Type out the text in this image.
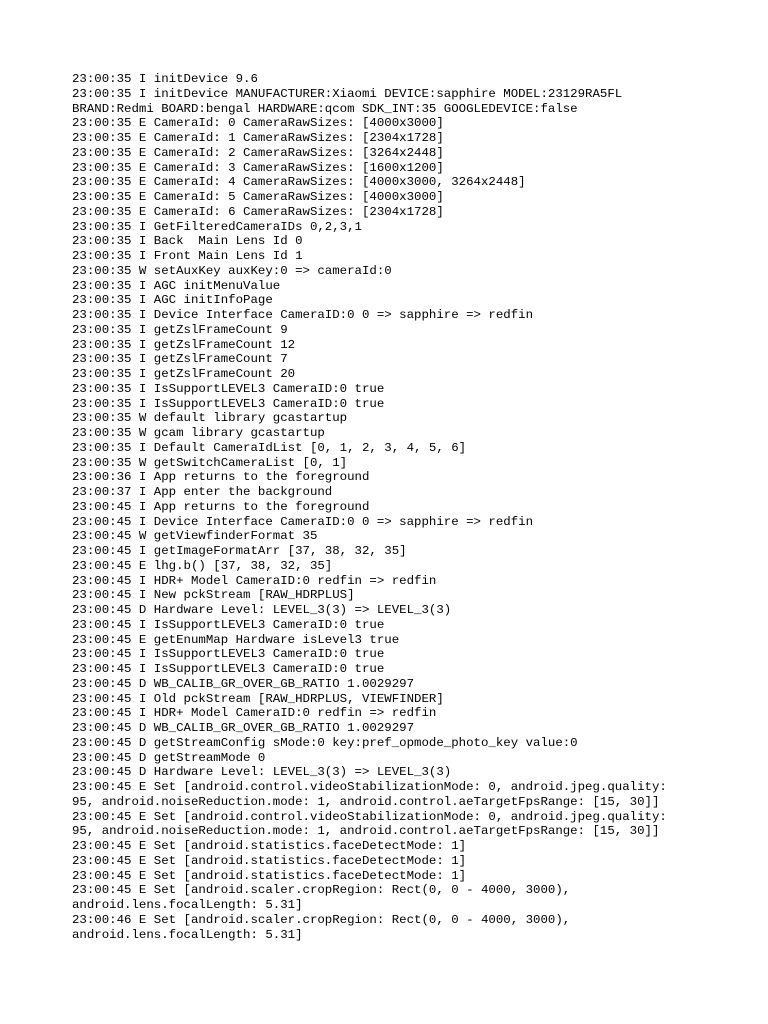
23:00:35 I initDevice 9.6
23:00:35 I initDevice MANUFACTURER:Xiaomi DEVICE:sapphire MODEL:23129RA5FL
BRAND:Redmi BOARD:bengal HARDWARE:qcom SDK_INT:35 GOOGLEDEVICE:false
23:00:35 E CameraId: 0 CameraRawSizes: [4000x3000]
23:00:35 E CameraId: 1 CameraRawSizes: [2304x1728]
23:00:35 E CameraId: 2 CameraRawSizes: [3264x2448]
23:00:35 E CameraId: 3 CameraRawSizes: [1600x1200]
23:00:35 E CameraId: 4 CameraRawSizes: [4000x3000, 3264x2448]
23:00:35 E CameraId: 5 CameraRawSizes: [4000x3000]
23:00:35 E CameraId: 6 CameraRawSizes: [2304x1728]
23:00:35 I GetFilteredCameraIDs 0,2,3,1
23:00:35 I Back  Main Lens Id 0
23:00:35 I Front Main Lens Id 1
23:00:35 W setAuxKey auxKey:0 => cameraId:0
23:00:35 I AGC initMenuValue
23:00:35 I AGC initInfoPage
23:00:35 I Device Interface CameraID:0 0 => sapphire => redfin
23:00:35 I getZslFrameCount 9
23:00:35 I getZslFrameCount 12
23:00:35 I getZslFrameCount 7
23:00:35 I getZslFrameCount 20
23:00:35 I IsSupportLEVEL3 CameraID:0 true
23:00:35 I IsSupportLEVEL3 CameraID:0 true
23:00:35 W default library gcastartup
23:00:35 W gcam library gcastartup
23:00:35 I Default CameraIdList [0, 1, 2, 3, 4, 5, 6]
23:00:35 W getSwitchCameraList [0, 1]
23:00:36 I App returns to the foreground
23:00:37 I App enter the background
23:00:45 I App returns to the foreground
23:00:45 I Device Interface CameraID:0 0 => sapphire => redfin
23:00:45 W getViewfinderFormat 35
23:00:45 I getImageFormatArr [37, 38, 32, 35]
23:00:45 E lhg.b() [37, 38, 32, 35]
23:00:45 I HDR+ Model CameraID:0 redfin => redfin
23:00:45 I New pckStream [RAW_HDRPLUS]
23:00:45 D Hardware Level: LEVEL_3(3) => LEVEL_3(3)
23:00:45 I IsSupportLEVEL3 CameraID:0 true
23:00:45 E getEnumMap Hardware isLevel3 true
23:00:45 I IsSupportLEVEL3 CameraID:0 true
23:00:45 I IsSupportLEVEL3 CameraID:0 true
23:00:45 D WB_CALIB_GR_OVER_GB_RATIO 1.0029297
23:00:45 I Old pckStream [RAW_HDRPLUS, VIEWFINDER]
23:00:45 I HDR+ Model CameraID:0 redfin => redfin
23:00:45 D WB_CALIB_GR_OVER_GB_RATIO 1.0029297
23:00:45 D getStreamConfig sMode:0 key:pref_opmode_photo_key value:0
23:00:45 D getStreamMode 0
23:00:45 D Hardware Level: LEVEL_3(3) => LEVEL_3(3)
23:00:45 E Set [android.control.videoStabilizationMode: 0, android.jpeg.quality:
95, android.noiseReduction.mode: 1, android.control.aeTargetFpsRange: [15, 30]]
23:00:45 E Set [android.control.videoStabilizationMode: 0, android.jpeg.quality:
95, android.noiseReduction.mode: 1, android.control.aeTargetFpsRange: [15, 30]]
23:00:45 E Set [android.statistics.faceDetectMode: 1]
23:00:45 E Set [android.statistics.faceDetectMode: 1]
23:00:45 E Set [android.statistics.faceDetectMode: 1]
23:00:45 E Set [android.scaler.cropRegion: Rect(0, 0 - 4000, 3000),
android.lens.focalLength: 5.31]
23:00:46 E Set [android.scaler.cropRegion: Rect(0, 0 - 4000, 3000),
android.lens.focalLength: 5.31]
